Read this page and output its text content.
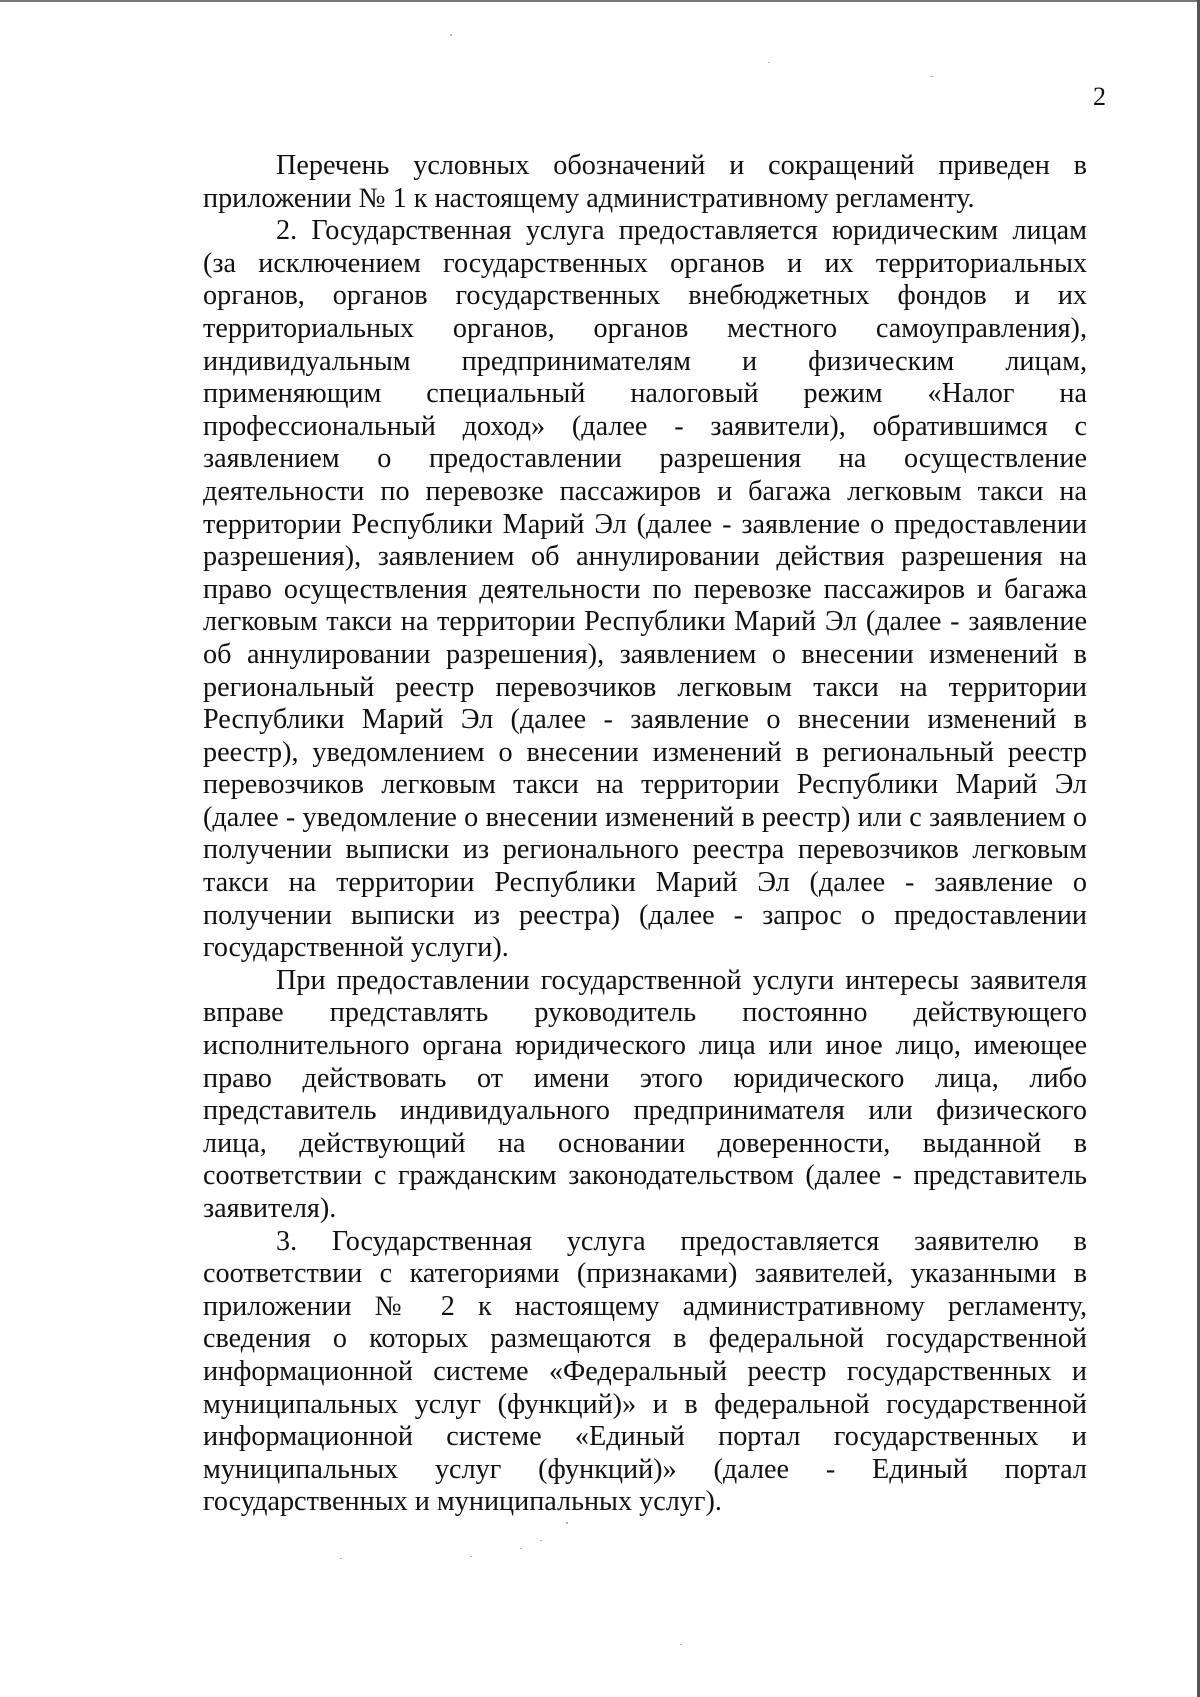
2

Перечень условных обозначений и сокращений приведен в приложении № 1 к настоящему административному регламенту.

2. Государственная услуга предоставляется юридическим лицам (за исключением государственных органов и их территориальных органов, органов государственных внебюджетных фондов и их территориальных органов, органов местного самоуправления), индивидуальным предпринимателям и физическим лицам, применяющим специальный налоговый режим «Налог на профессиональный доход» (далее - заявители), обратившимся с заявлением о предоставлении разрешения на осуществление деятельности по перевозке пассажиров и багажа легковым такси на территории Республики Марий Эл (далее - заявление о предоставлении разрешения), заявлением об аннулировании действия разрешения на право осуществления деятельности по перевозке пассажиров и багажа легковым такси на территории Республики Марий Эл (далее - заявление об аннулировании разрешения), заявлением о внесении изменений в региональный реестр перевозчиков легковым такси на территории Республики Марий Эл (далее - заявление о внесении изменений в реестр), уведомлением о внесении изменений в региональный реестр перевозчиков легковым такси на территории Республики Марий Эл (далее - уведомление о внесении изменений в реестр) или с заявлением о получении выписки из регионального реестра перевозчиков легковым такси на территории Республики Марий Эл (далее - заявление о получении выписки из реестра) (далее - запрос о предоставлении государственной услуги).

При предоставлении государственной услуги интересы заявителя вправе представлять руководитель постоянно действующего исполнительного органа юридического лица или иное лицо, имеющее право действовать от имени этого юридического лица, либо представитель индивидуального предпринимателя или физического лица, действующий на основании доверенности, выданной в соответствии с гражданским законодательством (далее - представитель заявителя).

3. Государственная услуга предоставляется заявителю в соответствии с категориями (признаками) заявителей, указанными в приложении № 2 к настоящему административному регламенту, сведения о которых размещаются в федеральной государственной информационной системе «Федеральный реестр государственных и муниципальных услуг (функций)» и в федеральной государственной информационной системе «Единый портал государственных и муниципальных услуг (функций)» (далее - Единый портал государственных и муниципальных услуг).
